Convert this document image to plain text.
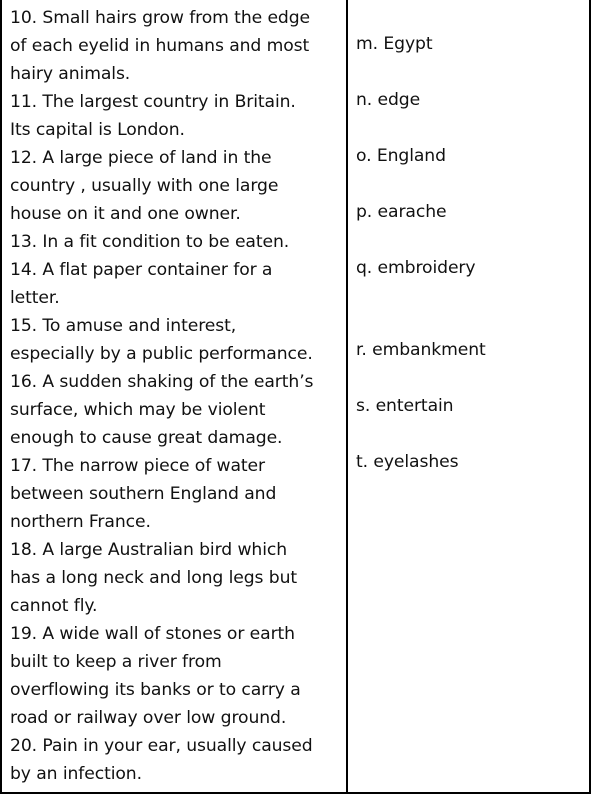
10. Small hairs grow from the edge
of each eyelid in humans and most
hairy animals.
11. The largest country in Britain.
Its capital is London.
12. A large piece of land in the
country , usually with one large
house on it and one owner.
13. In a fit condition to be eaten.
14. A flat paper container for a
letter.
15. To amuse and interest,
especially by a public performance.
16. A sudden shaking of the earth’s
surface, which may be violent
enough to cause great damage.
17. The narrow piece of water
between southern England and
northern France.
18. A large Australian bird which
has a long neck and long legs but
cannot fly.
19. A wide wall of stones or earth
built to keep a river from
overflowing its banks or to carry a
road or railway over low ground.
20. Pain in your ear, usually caused
by an infection.
m. Egypt
n. edge
o. England
p. earache
q. embroidery
r. embankment
s. entertain
t. eyelashes
